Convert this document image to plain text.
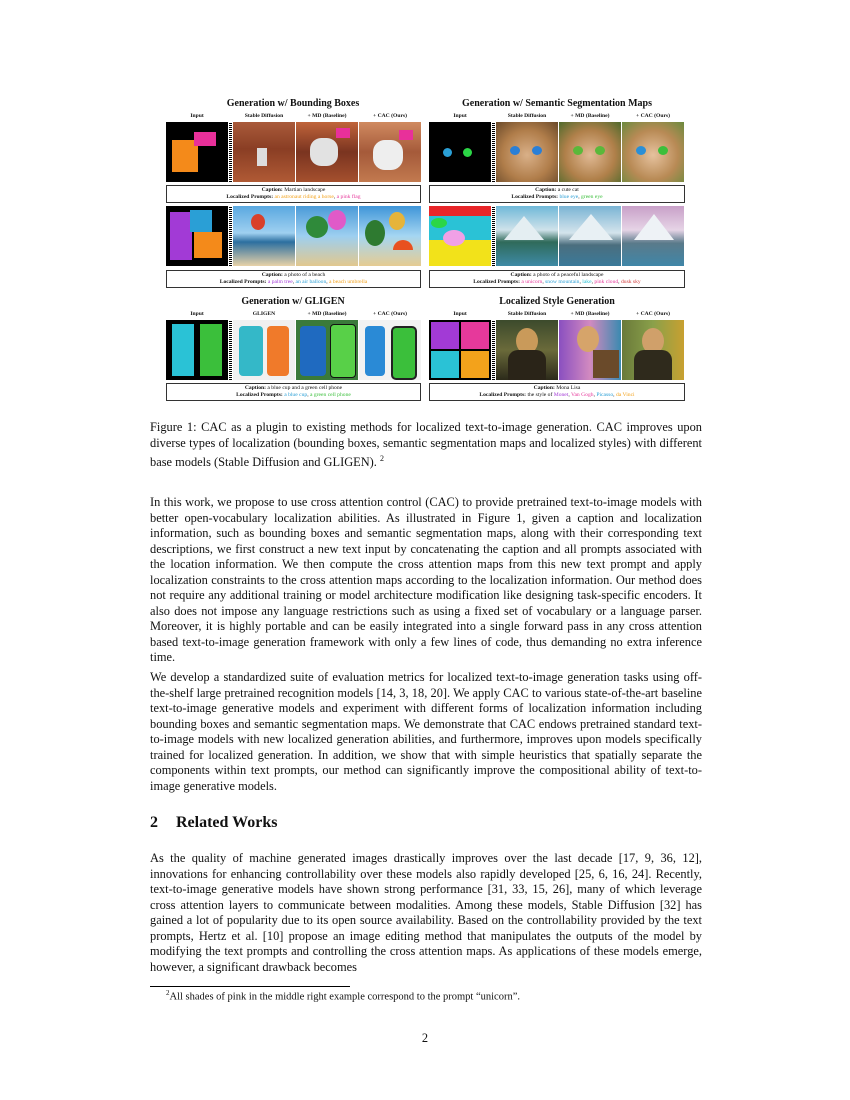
Generation w/ Bounding Boxes
Input	Stable Diffusion	+ MD (Baseline)	+ CAC (Ours)
Caption: Martian landscape
Localized Prompts: an astronaut riding a horse, a pink flag
Caption: a photo of a beach
Localized Prompts: a palm tree, an air balloon, a beach umbrella
Generation w/ Semantic Segmentation Maps
Input	Stable Diffusion	+ MD (Baseline)	+ CAC (Ours)
Caption: a cute cat
Localized Prompts: blue eye, green eye
Caption: a photo of a peaceful landscape
Localized Prompts: a unicorn, snow mountain, lake, pink cloud, dusk sky
Generation w/ GLIGEN
Input	GLIGEN	+ MD (Baseline)	+ CAC (Ours)
Caption: a blue cup and a green cell phone
Localized Prompts: a blue cup, a green cell phone
Localized Style Generation
Input	Stable Diffusion	+ MD (Baseline)	+ CAC (Ours)
Caption: Mona Lisa
Localized Prompts: the style of Monet, Van Gogh, Picasso, da Vinci
Figure 1: CAC as a plugin to existing methods for localized text-to-image generation. CAC improves upon diverse types of localization (bounding boxes, semantic segmentation maps and localized styles) with different base models (Stable Diffusion and GLIGEN). $^2$

In this work, we propose to use cross attention control (CAC) to provide pretrained text-to-image models with better open-vocabulary localization abilities. As illustrated in Figure 1, given a caption and localization information, such as bounding boxes and semantic segmentation maps, along with their corresponding text descriptions, we first construct a new text input by concatenating the caption and all prompts associated with the location information. We then compute the cross attention maps from this new text prompt and apply localization constraints to the cross attention maps according to the localization information. Our method does not require any additional training or model architecture modification like designing task-specific encoders. It also does not impose any language restrictions such as using a fixed set of vocabulary or a language parser. Moreover, it is highly portable and can be easily integrated into a single forward pass in any cross attention based text-to-image generation framework with only a few lines of code, thus demanding no extra inference time.

We develop a standardized suite of evaluation metrics for localized text-to-image generation tasks using off-the-shelf large pretrained recognition models [14, 3, 18, 20]. We apply CAC to various state-of-the-art baseline text-to-image generative models and experiment with different forms of localization information including bounding boxes and semantic segmentation maps. We demonstrate that CAC endows pretrained standard text-to-image models with new localized generation abilities, and furthermore, improves upon models specifically trained for localized generation. In addition, we show that with simple heuristics that spatially separate the components within text prompts, our method can significantly improve the compositional ability of text-to-image generative models.

2 Related Works

As the quality of machine generated images drastically improves over the last decade [17, 9, 36, 12], innovations for enhancing controllability over these models also rapidly developed [25, 6, 16, 24]. Recently, text-to-image generative models have shown strong performance [31, 33, 15, 26], many of which leverage cross attention layers to communicate between modalities. Among these models, Stable Diffusion [32] has gained a lot of popularity due to its open source availability. Based on the controllability provided by the text prompts, Hertz et al. [10] propose an image editing method that manipulates the outputs of the model by modifying the text prompts and controlling the cross attention maps. As applications of these models emerge, however, a significant drawback becomes

$^2$All shades of pink in the middle right example correspond to the prompt “unicorn”.
2
